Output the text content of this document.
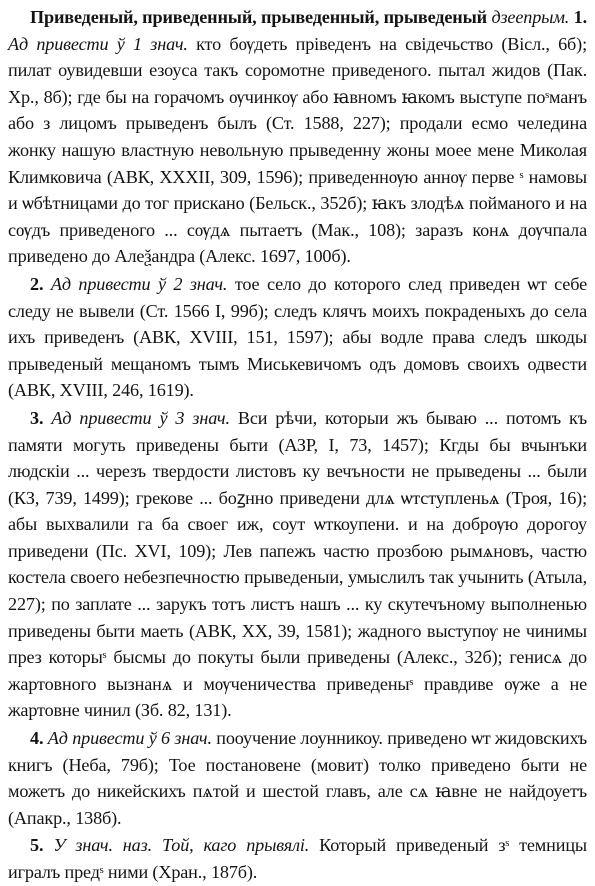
Приведеный, приведенный, прыведенный, прыведеный дзеепрым. 1. Ад привести ў 1 знач. кто бѹдеть прiведенъ на свідечьство (Вісл., 6б); пилат оувидевши езоуса такъ соромотне приведеного. пытал жидов (Пак. Хр., 8б); где бы на горачомъ ѹчинкѹ або ꙗвномъ ꙗкомъ выступе поˢманъ або з лицомъ прыведенъ былъ (Ст. 1588, 227); продали есмо челедина жонку нашую властную невольную прыведенну жоны моее мене Миколая Климковича (АВК, XXXII, 309, 1596); приведеннѹю аннѹ перве ˢ намовы и ѡбѣтницами до тог прискано (Бельск., 352б); ꙗкъ злодѣѧ пойманого и на сѹдъ приведеного ... сѹдѧ пытаетъ (Мак., 108); заразъ конѧ дѹчпала приведено до Алеѯандра (Алекс. 1697, 100б).

2. Ад привести ў 2 знач. тое село до которого след приведен ѡт себе следу не вывели (Ст. 1566 I, 99б); следъ клячъ моихъ покраденыхъ до села ихъ приведенъ (АВК, XVIII, 151, 1597); абы водле права следъ шкоды прыведеный мещаномъ тымъ Миськевичомъ одъ домовъ своихъ одвести (АВК, XVIII, 246, 1619).

3. Ад привести ў 3 знач. Вси рѣчи, которыи жъ бываю ... потомъ къ памяти могуть приведены быти (АЗР, I, 73, 1457); Кгды бы вчынъки людскіи ... черезъ твердости листовъ ку вечъности не прыведены ... были (КЗ, 739, 1499); грекове ... боꙁнно приведени длѧ ѡтступленьѧ (Троя, 16); абы выхвалили га ба своег иж, соут ѡткоупени. и на добрѹю дорогоу приведени (Пс. XVI, 109); Лев папежъ частю прозбою рымѧновъ, частю костела своего небезпечностю прыведеныи, умыслилъ так учынить (Атыла, 227); по заплате ... зарукъ тотъ листъ нашъ ... ку скутечъному выполненью приведены быти маеть (АВК, XX, 39, 1581); жадного выступѹ не чинимы през которыˢ бысмы до покуты были приведены (Алекс., 32б); генисѧ до жартовного вызнанѧ и мѹченичества приведеныˢ правдиве ѹже а не жартовне чинил (Зб. 82, 131).

4. Ад привести ў 6 знач. пооучение лоунникоу. приведено ѡт жидовскихъ книгъ (Неба, 79б); Тое постановене (мовит) толко приведено быти не можетъ до никейскихъ пѧтой и шестой главъ, але сѧ ꙗвне не найдоуетъ (Апакр., 138б).

5. У знач. наз. Той, каго прывялі. Который приведеный зˢ темницы игралъ предˢ ними (Хран., 187б).
